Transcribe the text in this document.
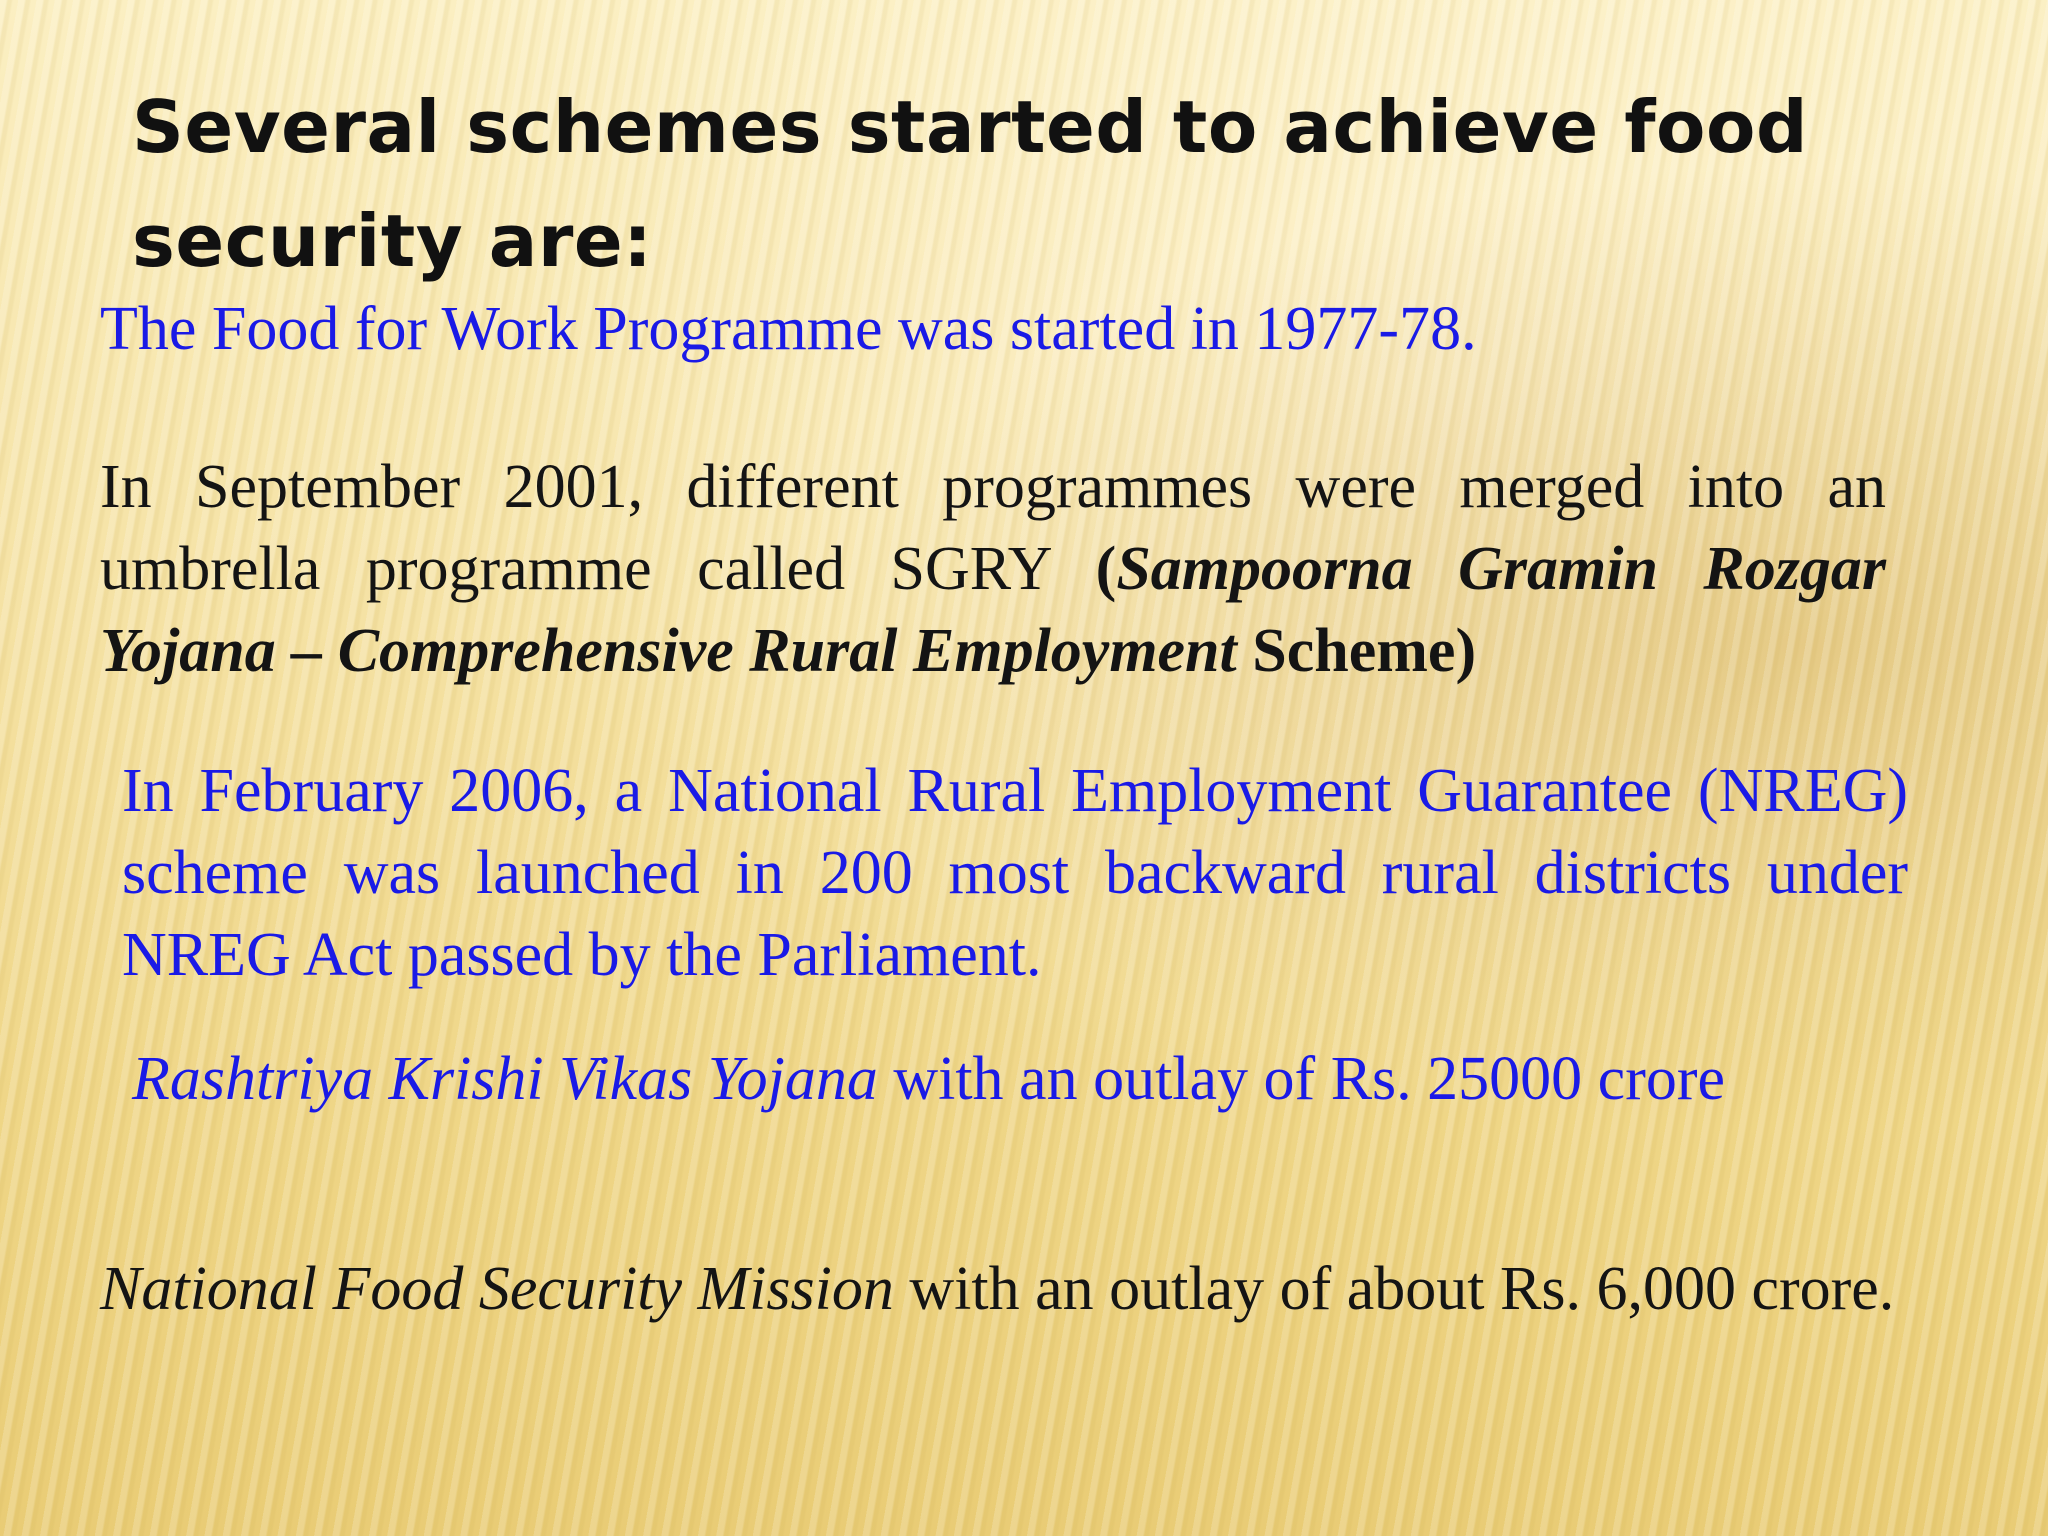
Several schemes started to achieve food security are:

The Food for Work Programme was started in 1977-78.

In September 2001, different programmes were merged into an umbrella programme called SGRY (Sampoorna Gramin Rozgar Yojana – Comprehensive Rural Employment Scheme)

In February 2006, a National Rural Employment Guarantee (NREG) scheme was launched in 200 most backward rural districts under NREG Act passed by the Parliament.

Rashtriya Krishi Vikas Yojana with an outlay of Rs. 25000 crore

National Food Security Mission with an outlay of about Rs. 6,000 crore.
